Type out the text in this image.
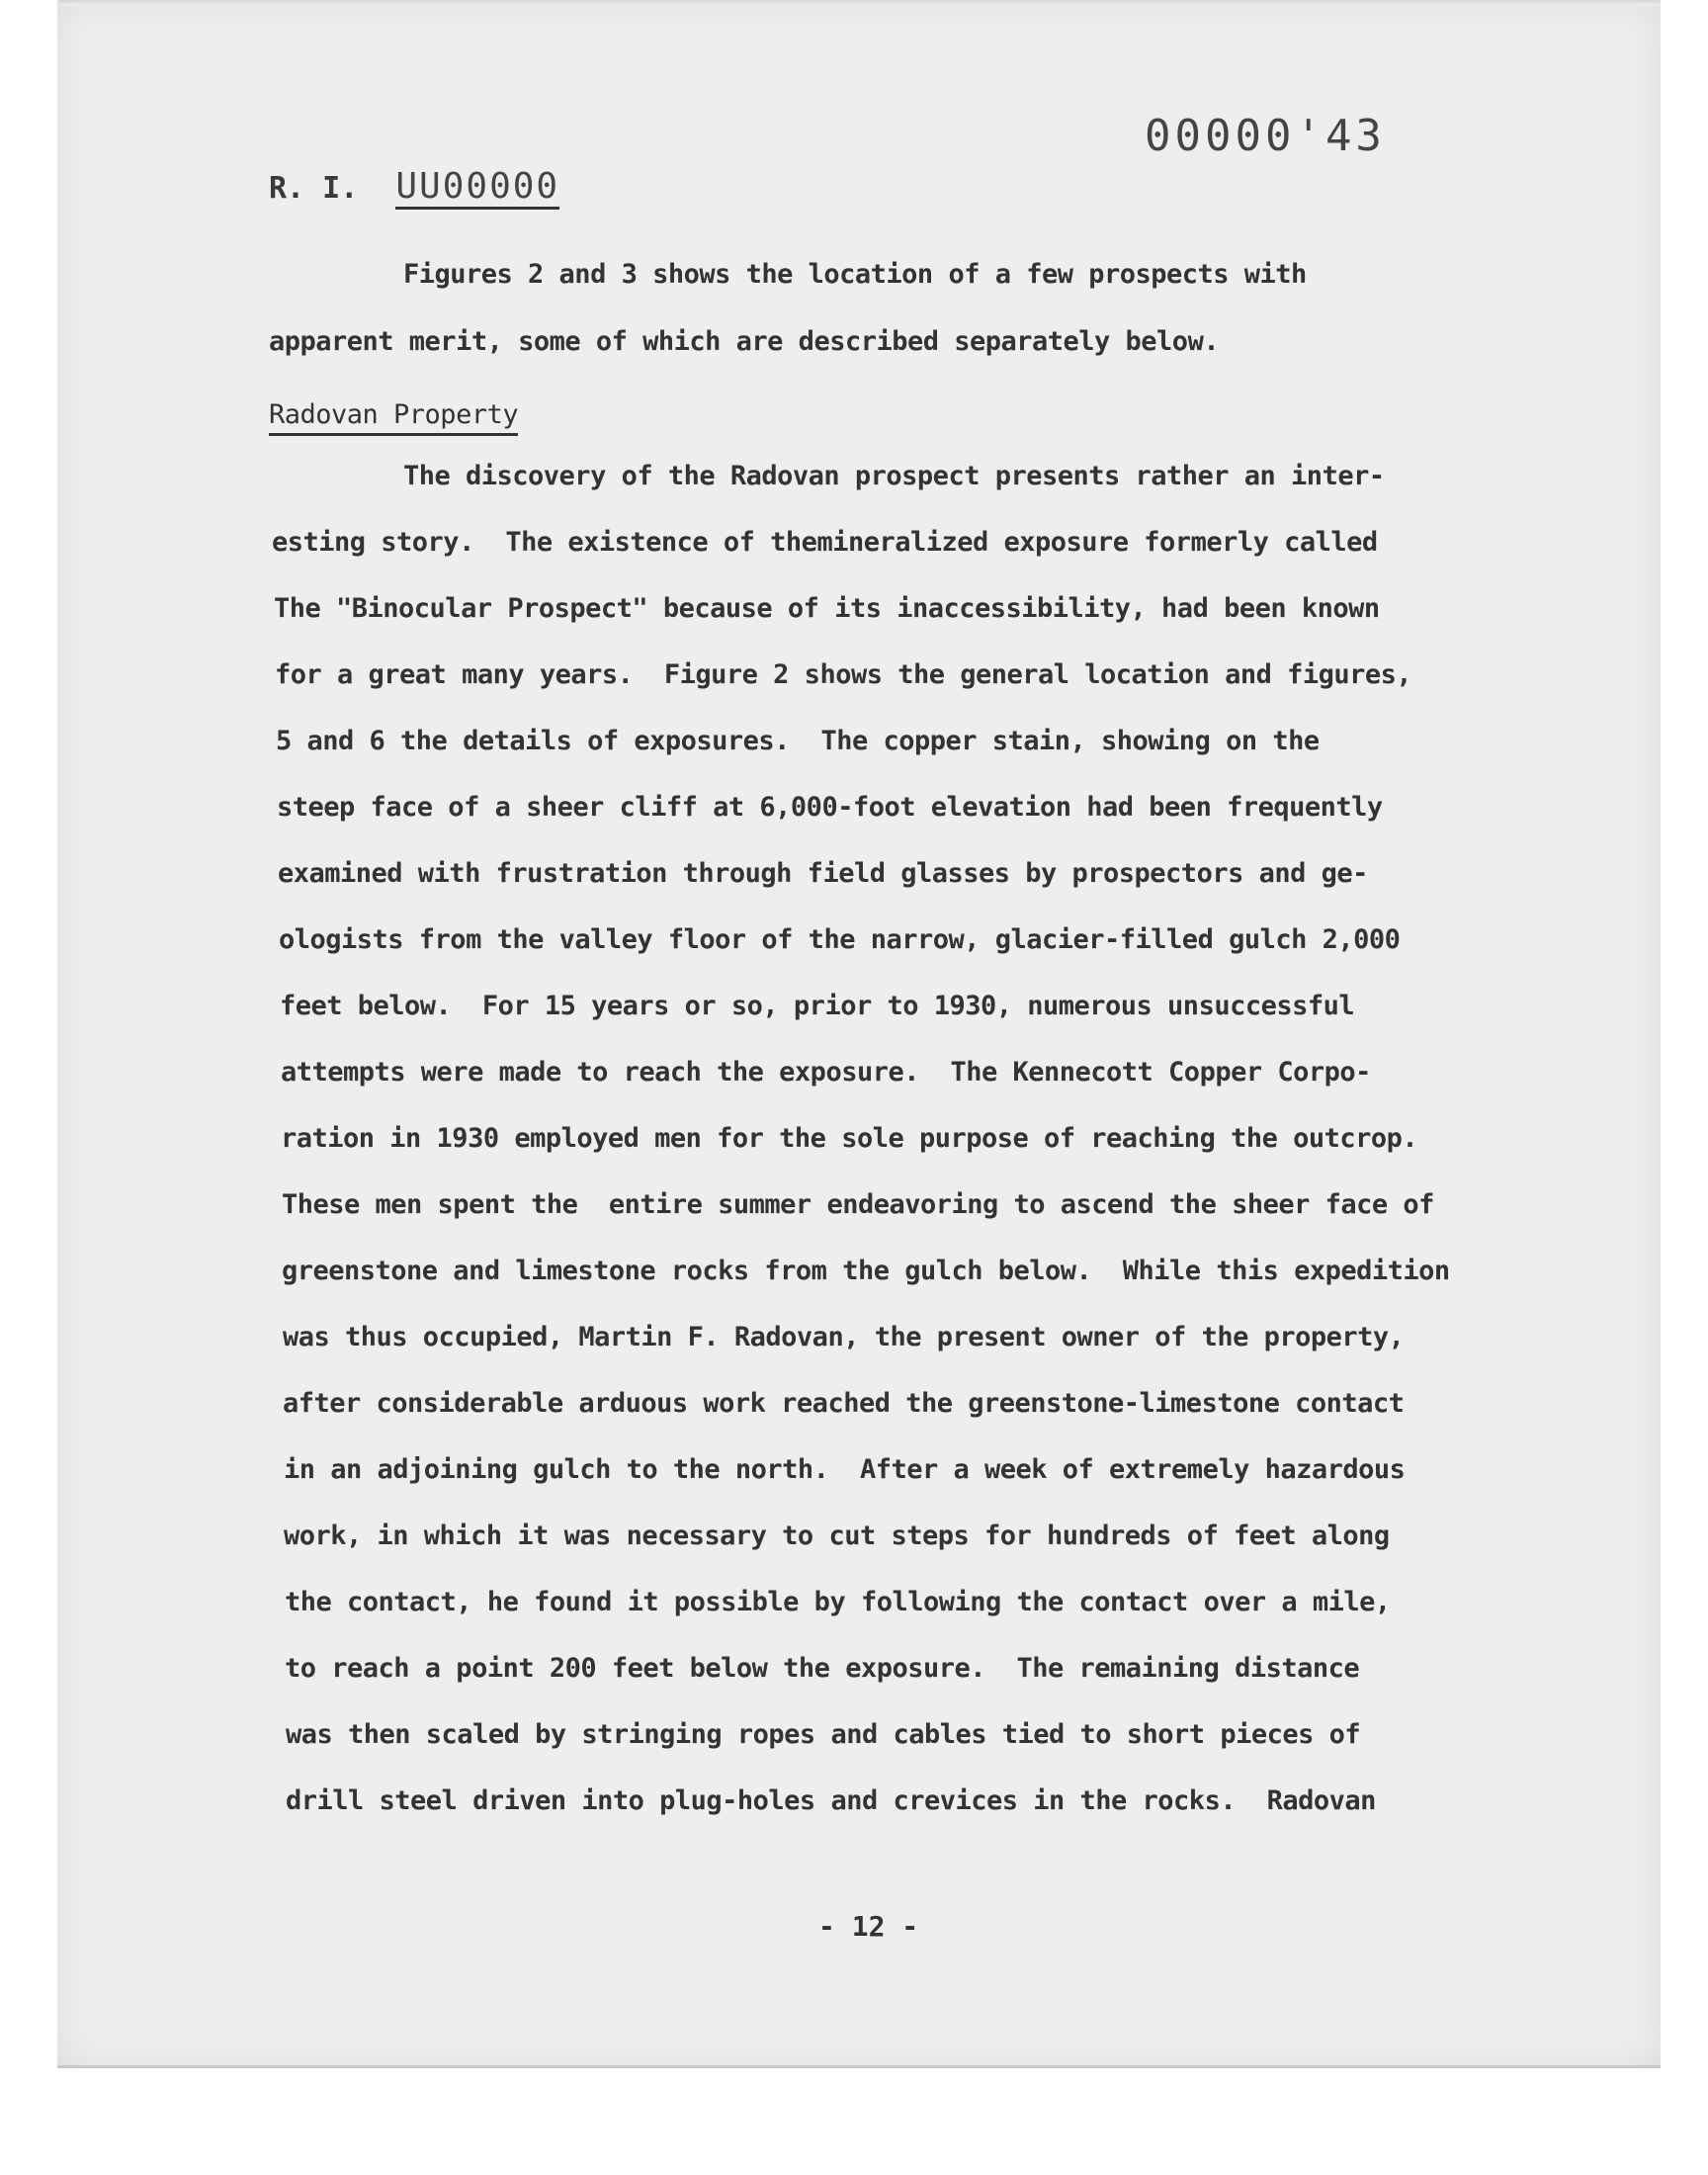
00000'43
R. I. UU00000
Figures 2 and 3 shows the location of a few prospects with
apparent merit, some of which are described separately below.
Radovan Property
The discovery of the Radovan prospect presents rather an inter-
esting story.  The existence of themineralized exposure formerly called
The "Binocular Prospect" because of its inaccessibility, had been known
for a great many years.  Figure 2 shows the general location and figures,
5 and 6 the details of exposures.  The copper stain, showing on the
steep face of a sheer cliff at 6,000-foot elevation had been frequently
examined with frustration through field glasses by prospectors and ge-
ologists from the valley floor of the narrow, glacier-filled gulch 2,000
feet below.  For 15 years or so, prior to 1930, numerous unsuccessful
attempts were made to reach the exposure.  The Kennecott Copper Corpo-
ration in 1930 employed men for the sole purpose of reaching the outcrop.
These men spent the  entire summer endeavoring to ascend the sheer face of
greenstone and limestone rocks from the gulch below.  While this expedition
was thus occupied, Martin F. Radovan, the present owner of the property,
after considerable arduous work reached the greenstone-limestone contact
in an adjoining gulch to the north.  After a week of extremely hazardous
work, in which it was necessary to cut steps for hundreds of feet along
the contact, he found it possible by following the contact over a mile,
to reach a point 200 feet below the exposure.  The remaining distance
was then scaled by stringing ropes and cables tied to short pieces of
drill steel driven into plug-holes and crevices in the rocks.  Radovan
- 12 -
